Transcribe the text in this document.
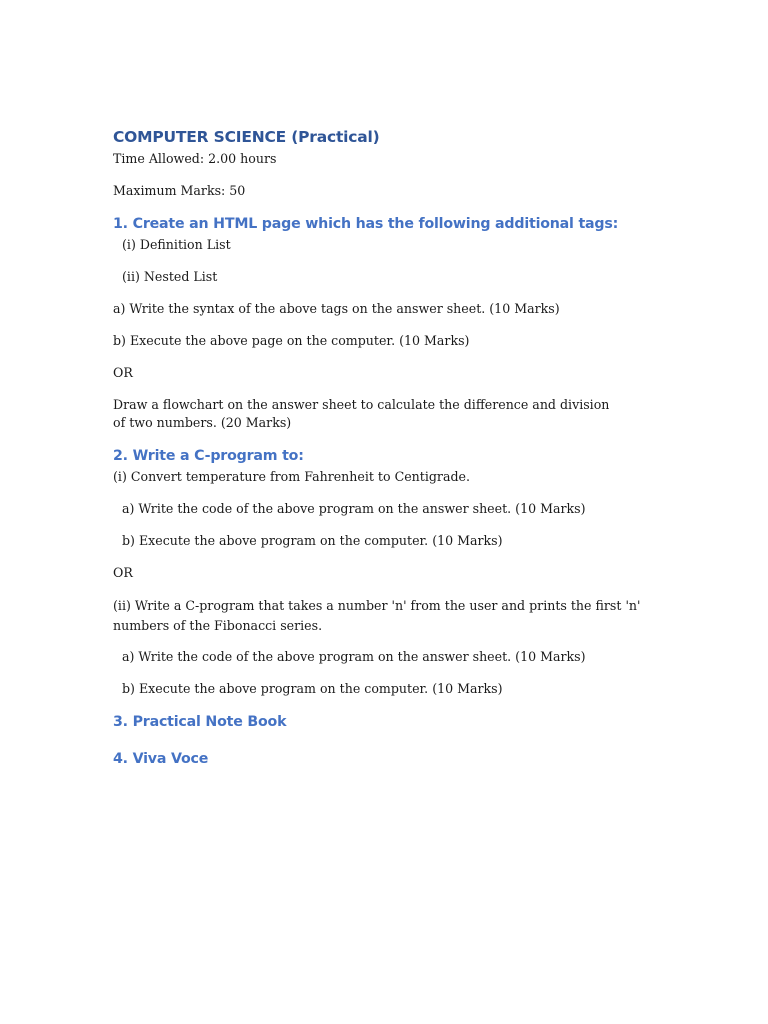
COMPUTER SCIENCE (Practical)

Time Allowed: 2.00 hours

Maximum Marks: 50

1. Create an HTML page which has the following additional tags:

(i) Definition List

(ii) Nested List

a) Write the syntax of the above tags on the answer sheet. (10 Marks)

b) Execute the above page on the computer. (10 Marks)

OR

Draw a flowchart on the answer sheet to calculate the difference and division of two numbers. (20 Marks)

2. Write a C-program to:

(i) Convert temperature from Fahrenheit to Centigrade.

a) Write the code of the above program on the answer sheet. (10 Marks)

b) Execute the above program on the computer. (10 Marks)

OR

(ii) Write a C-program that takes a number 'n' from the user and prints the first 'n' numbers of the Fibonacci series.

a) Write the code of the above program on the answer sheet. (10 Marks)

b) Execute the above program on the computer. (10 Marks)

3. Practical Note Book
4. Viva Voce
